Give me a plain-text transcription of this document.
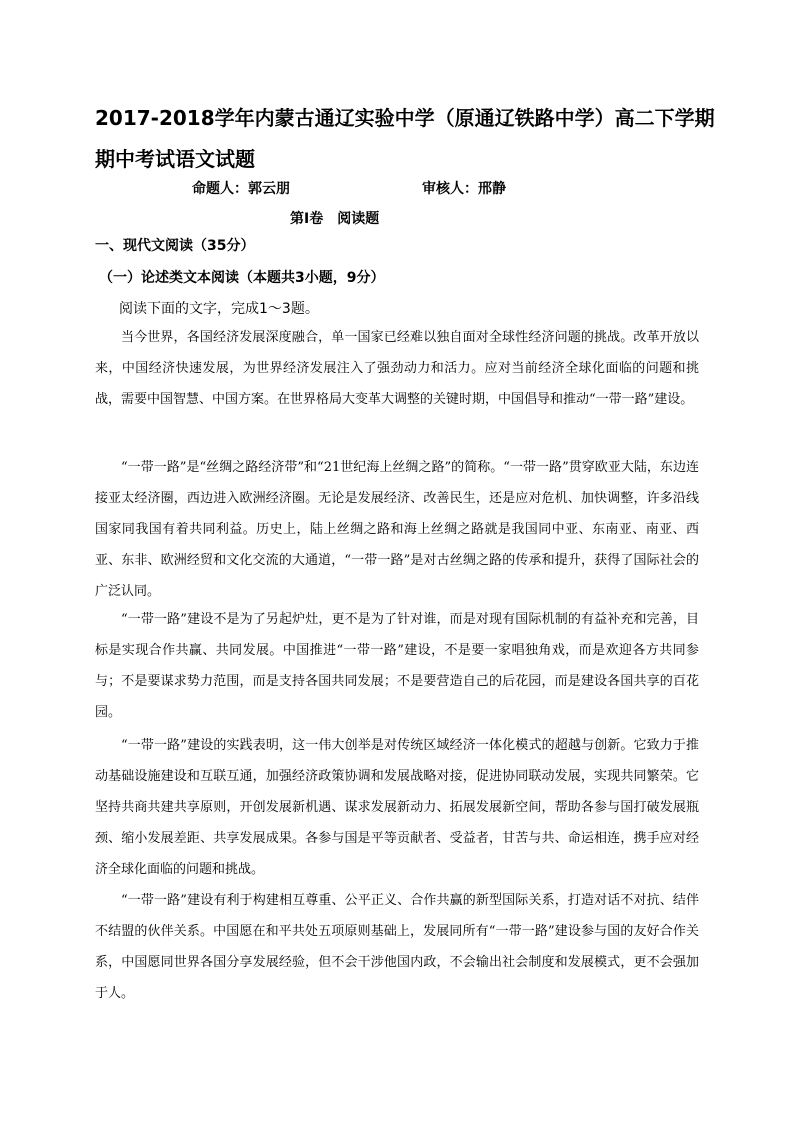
2017-2018学年内蒙古通辽实验中学（原通辽铁路中学）高二下学期
期中考试语文试题
命题人：郭云朋	审核人：邢静
第Ⅰ卷　阅读题
一、现代文阅读（35分）
（一）论述类文本阅读（本题共3小题，9分）
阅读下面的文字，完成1～3题。

当今世界，各国经济发展深度融合，单一国家已经难以独自面对全球性经济问题的挑战。改革开放以来，中国经济快速发展，为世界经济发展注入了强劲动力和活力。应对当前经济全球化面临的问题和挑战，需要中国智慧、中国方案。在世界格局大变革大调整的关键时期，中国倡导和推动“一带一路”建设。

“一带一路”是“丝绸之路经济带”和“21世纪海上丝绸之路”的简称。“一带一路”贯穿欧亚大陆，东边连接亚太经济圈，西边进入欧洲经济圈。无论是发展经济、改善民生，还是应对危机、加快调整，许多沿线国家同我国有着共同利益。历史上，陆上丝绸之路和海上丝绸之路就是我国同中亚、东南亚、南亚、西亚、东非、欧洲经贸和文化交流的大通道，“一带一路”是对古丝绸之路的传承和提升，获得了国际社会的广泛认同。

“一带一路”建设不是为了另起炉灶，更不是为了针对谁，而是对现有国际机制的有益补充和完善，目标是实现合作共赢、共同发展。中国推进“一带一路”建设，不是要一家唱独角戏，而是欢迎各方共同参与；不是要谋求势力范围，而是支持各国共同发展；不是要营造自己的后花园，而是建设各国共享的百花园。

“一带一路”建设的实践表明，这一伟大创举是对传统区域经济一体化模式的超越与创新。它致力于推动基础设施建设和互联互通，加强经济政策协调和发展战略对接，促进协同联动发展，实现共同繁荣。它坚持共商共建共享原则，开创发展新机遇、谋求发展新动力、拓展发展新空间，帮助各参与国打破发展瓶颈、缩小发展差距、共享发展成果。各参与国是平等贡献者、受益者，甘苦与共、命运相连，携手应对经济全球化面临的问题和挑战。

“一带一路”建设有利于构建相互尊重、公平正义、合作共赢的新型国际关系，打造对话不对抗、结伴不结盟的伙伴关系。中国愿在和平共处五项原则基础上，发展同所有“一带一路”建设参与国的友好合作关系，中国愿同世界各国分享发展经验，但不会干涉他国内政，不会输出社会制度和发展模式，更不会强加于人。
